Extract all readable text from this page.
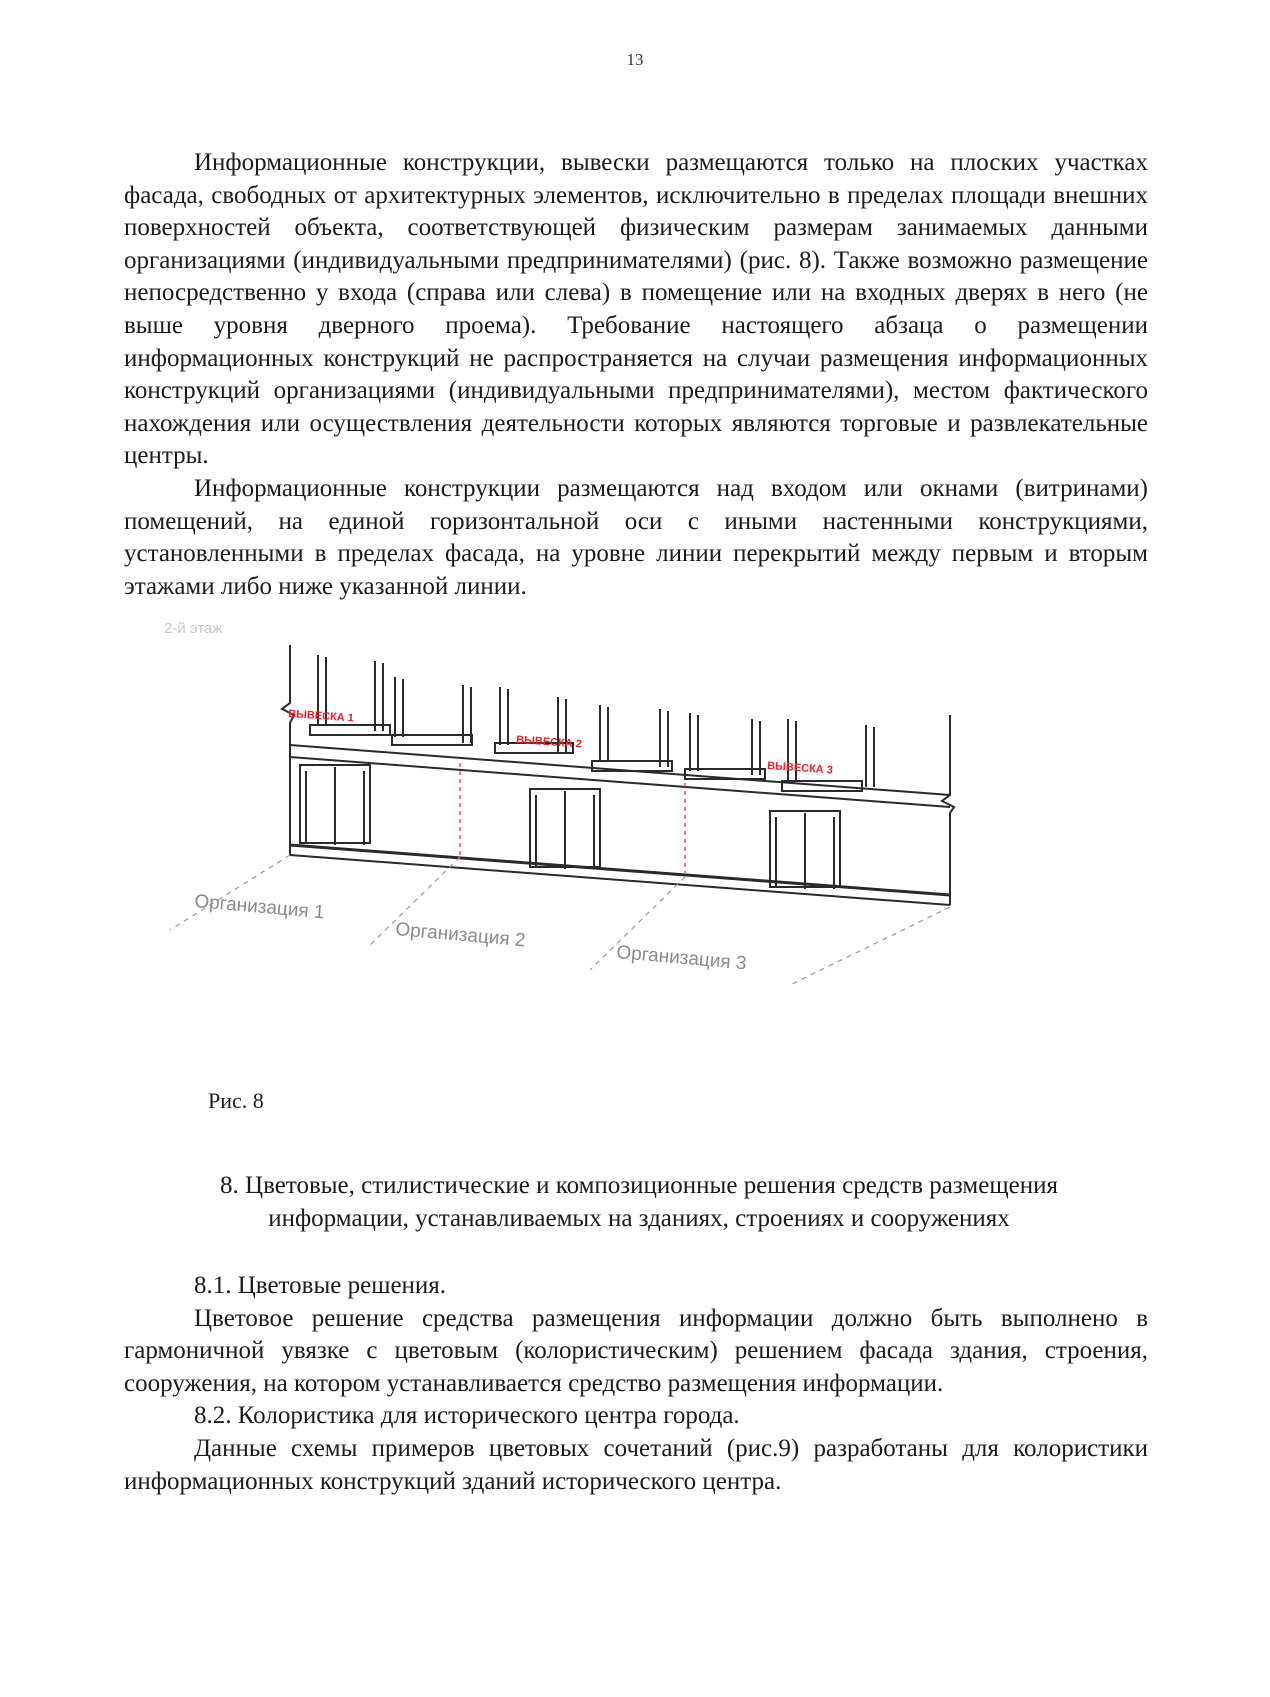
13

Информационные конструкции, вывески размещаются только на плоских участках фасада, свободных от архитектурных элементов, исключительно в пределах площади внешних поверхностей объекта, соответствующей физическим размерам занимаемых данными организациями (индивидуальными предпринимателями) (рис. 8). Также возможно размещение непосредственно у входа (справа или слева) в помещение или на входных дверях в него (не выше уровня дверного проема). Требование настоящего абзаца о размещении информационных конструкций не распространяется на случаи размещения информационных конструкций организациями (индивидуальными предпринимателями), местом фактического нахождения или осуществления деятельности которых являются торговые и развлекательные центры.

Информационные конструкции размещаются над входом или окнами (витринами) помещений, на единой горизонтальной оси с иными настенными конструкциями, установленными в пределах фасада, на уровне линии перекрытий между первым и вторым этажами либо ниже указанной линии.

ВЫВЕСКА 1
ВЫВЕСКА 2
ВЫВЕСКА 3
2-й этаж
Организация 1
Организация 2
Организация 3
Рис. 8
8. Цветовые, стилистические и композиционные решения средств размещения
информации, устанавливаемых на зданиях, строениях и сооружениях

8.1. Цветовые решения.

Цветовое решение средства размещения информации должно быть выполнено в гармоничной увязке с цветовым (колористическим) решением фасада здания, строения, сооружения, на котором устанавливается средство размещения информации.

8.2. Колористика для исторического центра города.

Данные схемы примеров цветовых сочетаний (рис.9) разработаны для колористики информационных конструкций зданий исторического центра.
